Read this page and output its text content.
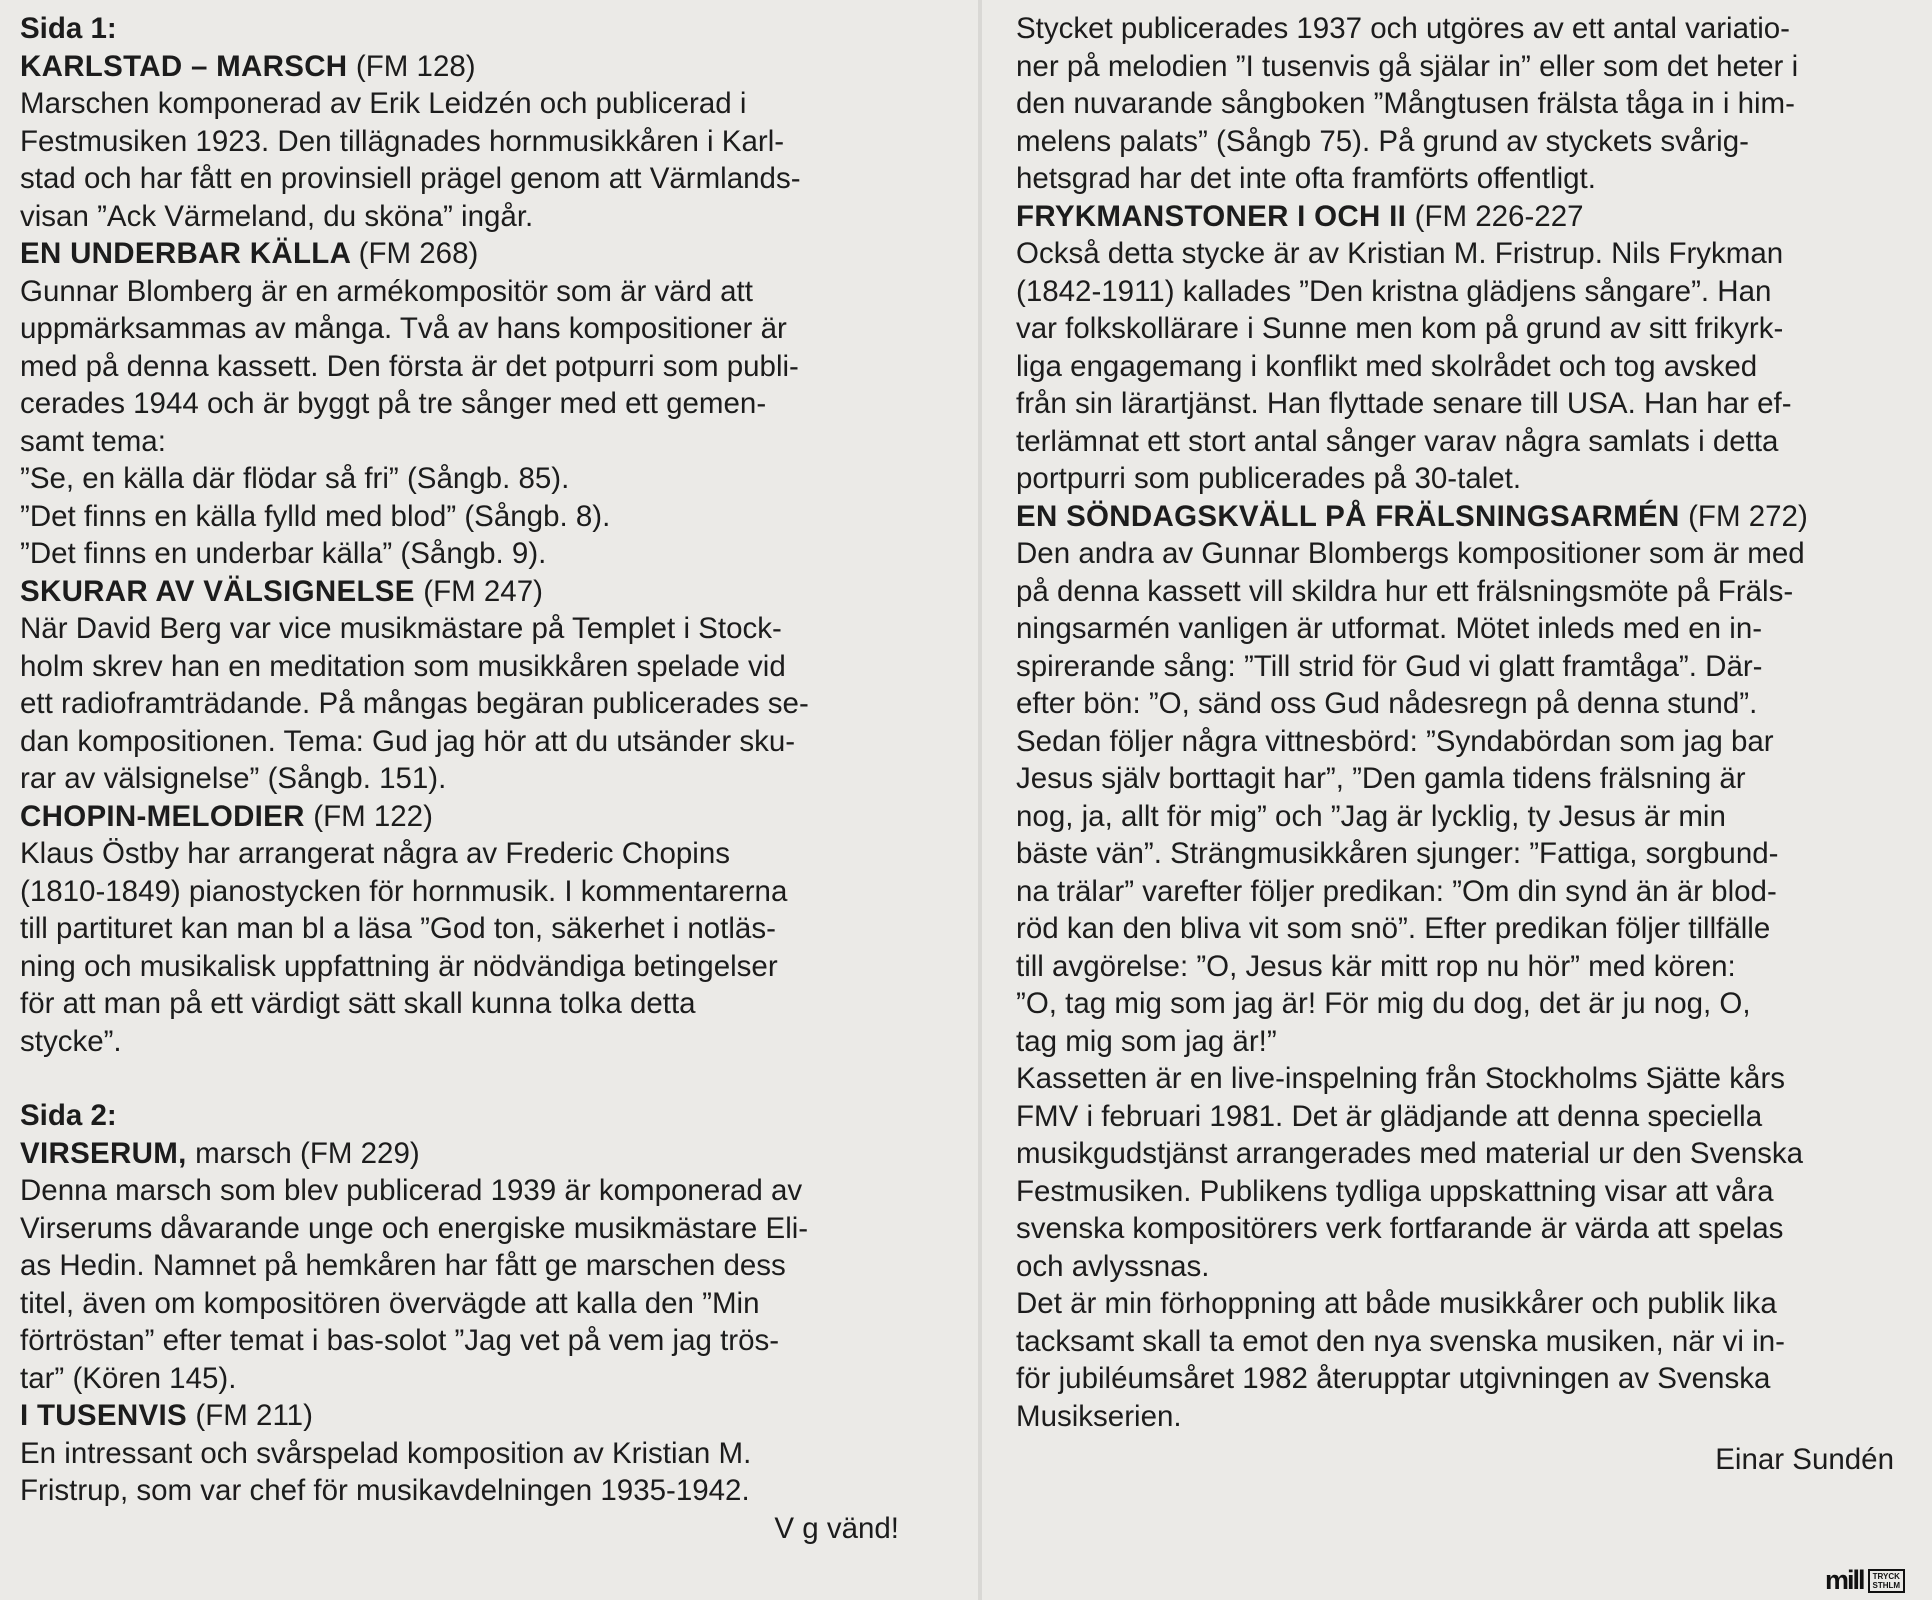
Sida 1:

KARLSTAD – MARSCH (FM 128)
Marschen komponerad av Erik Leidzén och publicerad i
Festmusiken 1923. Den tillägnades hornmusikkåren i Karl-
stad och har fått en provinsiell prägel genom att Värmlands-
visan ”Ack Värmeland, du sköna” ingår.
EN UNDERBAR KÄLLA (FM 268)
Gunnar Blomberg är en armékompositör som är värd att
uppmärksammas av många. Två av hans kompositioner är
med på denna kassett. Den första är det potpurri som publi-
cerades 1944 och är byggt på tre sånger med ett gemen-
samt tema:
”Se, en källa där flödar så fri” (Sångb. 85).
”Det finns en källa fylld med blod” (Sångb. 8).
”Det finns en underbar källa” (Sångb. 9).
SKURAR AV VÄLSIGNELSE (FM 247)
När David Berg var vice musikmästare på Templet i Stock-
holm skrev han en meditation som musikkåren spelade vid
ett radioframträdande. På mångas begäran publicerades se-
dan kompositionen. Tema: Gud jag hör att du utsänder sku-
rar av välsignelse” (Sångb. 151).
CHOPIN-MELODIER (FM 122)
Klaus Östby har arrangerat några av Frederic Chopins
(1810-1849) pianostycken för hornmusik. I kommentarerna
till partituret kan man bl a läsa ”God ton, säkerhet i notläs-
ning och musikalisk uppfattning är nödvändiga betingelser
för att man på ett värdigt sätt skall kunna tolka detta
stycke”.

Sida 2:

VIRSERUM, marsch (FM 229)
Denna marsch som blev publicerad 1939 är komponerad av
Virserums dåvarande unge och energiske musikmästare Eli-
as Hedin. Namnet på hemkåren har fått ge marschen dess
titel, även om kompositören övervägde att kalla den ”Min
förtröstan” efter temat i bas-solot ”Jag vet på vem jag trös-
tar” (Kören 145).
I TUSENVIS (FM 211)
En intressant och svårspelad komposition av Kristian M.
Fristrup, som var chef för musikavdelningen 1935-1942.

V g vänd!

Stycket publicerades 1937 och utgöres av ett antal variatio-
ner på melodien ”I tusenvis gå själar in” eller som det heter i
den nuvarande sångboken ”Mångtusen frälsta tåga in i him-
melens palats” (Sångb 75). På grund av styckets svårig-
hetsgrad har det inte ofta framförts offentligt.
FRYKMANSTONER I OCH II (FM 226-227
Också detta stycke är av Kristian M. Fristrup. Nils Frykman
(1842-1911) kallades ”Den kristna glädjens sångare”. Han
var folkskollärare i Sunne men kom på grund av sitt frikyrk-
liga engagemang i konflikt med skolrådet och tog avsked
från sin lärartjänst. Han flyttade senare till USA. Han har ef-
terlämnat ett stort antal sånger varav några samlats i detta
portpurri som publicerades på 30-talet.
EN SÖNDAGSKVÄLL PÅ FRÄLSNINGSARMÉN (FM 272)
Den andra av Gunnar Blombergs kompositioner som är med
på denna kassett vill skildra hur ett frälsningsmöte på Fräls-
ningsarmén vanligen är utformat. Mötet inleds med en in-
spirerande sång: ”Till strid för Gud vi glatt framtåga”. Där-
efter bön: ”O, sänd oss Gud nådesregn på denna stund”.
Sedan följer några vittnesbörd: ”Syndabördan som jag bar
Jesus själv borttagit har”, ”Den gamla tidens frälsning är
nog, ja, allt för mig” och ”Jag är lycklig, ty Jesus är min
bäste vän”. Strängmusikkåren sjunger: ”Fattiga, sorgbund-
na trälar” varefter följer predikan: ”Om din synd än är blod-
röd kan den bliva vit som snö”. Efter predikan följer tillfälle
till avgörelse: ”O, Jesus kär mitt rop nu hör” med kören:
”O, tag mig som jag är! För mig du dog, det är ju nog, O,
tag mig som jag är!”
Kassetten är en live-inspelning från Stockholms Sjätte kårs
FMV i februari 1981. Det är glädjande att denna speciella
musikgudstjänst arrangerades med material ur den Svenska
Festmusiken. Publikens tydliga uppskattning visar att våra
svenska kompositörers verk fortfarande är värda att spelas
och avlyssnas.
Det är min förhoppning att både musikkårer och publik lika
tacksamt skall ta emot den nya svenska musiken, när vi in-
för jubiléumsåret 1982 återupptar utgivningen av Svenska
Musikserien.

Einar Sundén

mill	TRYCK
STHLM
